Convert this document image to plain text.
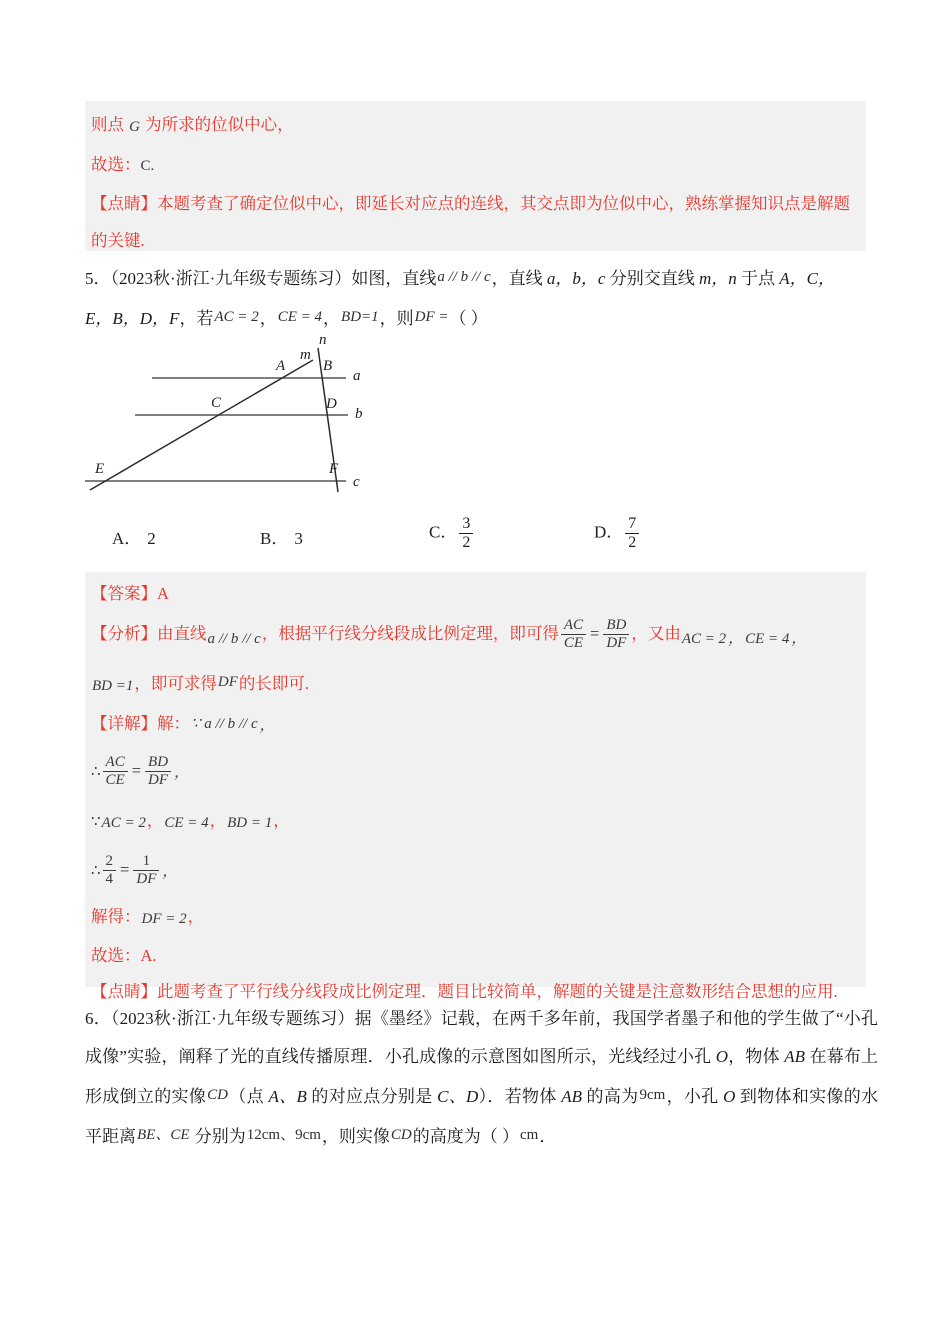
则点 G 为所求的位似中心，
故选：C.
【点睛】本题考查了确定位似中心，即延长对应点的连线，其交点即为位似中心，熟练掌握知识点是解题的关键.
5．（2023秋·浙江·九年级专题练习）如图，直线a // b // c，直线 a，b，c 分别交直线 m，n 于点 A，C，
E，B，D，F，若AC = 2，CE = 4，BD=1，则DF =（ ）
A	B
C	D
E	F
m
n
a
b
c
A． 2	B． 3	C． $\frac{3}{2}$	D． $\frac{7}{2}$
【答案】A
【分析】由直线a // b // c，根据平行线分线段成比例定理，即可得 $\frac{AC}{CE} = \frac{BD}{DF}$ ，又由AC = 2 ， CE = 4 ，
BD =1，即可求得DF的长即可.
【详解】解：∵ a // b // c ，
∴ $\frac{AC}{CE} = \frac{BD}{DF}$ ，
∵AC = 2，CE = 4，BD = 1，
∴ $\frac{2}{4} = \frac{1}{DF}$ ，
解得：DF = 2，
故选：A.
【点睛】此题考查了平行线分线段成比例定理．题目比较简单，解题的关键是注意数形结合思想的应用.
6．（2023秋·浙江·九年级专题练习）据《墨经》记载，在两千多年前，我国学者墨子和他的学生做了“小孔成像”实验，阐释了光的直线传播原理．小孔成像的示意图如图所示，光线经过小孔 O，物体 AB 在幕布上形成倒立的实像CD（点 A、B 的对应点分别是 C、D）．若物体 AB 的高为9cm，小孔 O 到物体和实像的水平距离BE、CE 分别为12cm、9cm，则实像CD的高度为（ ）cm．
